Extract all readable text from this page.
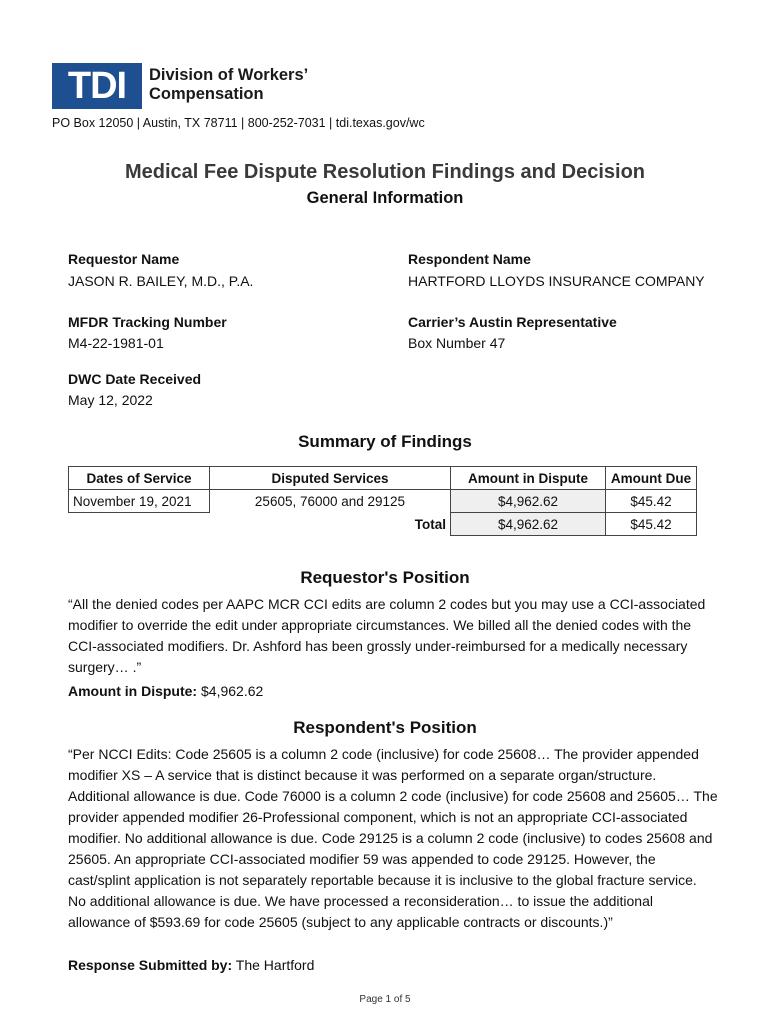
TDI	Division of Workers’
Compensation
PO Box 12050 | Austin, TX 78711 | 800-252-7031 | tdi.texas.gov/wc
Medical Fee Dispute Resolution Findings and Decision
General Information
Requestor Name
JASON R. BAILEY, M.D., P.A.
Respondent Name
HARTFORD LLOYDS INSURANCE COMPANY
MFDR Tracking Number
M4-22-1981-01
Carrier’s Austin Representative
Box Number 47
DWC Date Received
May 12, 2022
Summary of Findings
Dates of Service	Disputed Services	Amount in Dispute	Amount Due
November 19, 2021	25605, 76000 and 29125	$4,962.62	$45.42
	Total	$4,962.62	$45.42
Requestor's Position
“All the denied codes per AAPC MCR CCI edits are column 2 codes but you may use a CCI-associated modifier to override the edit under appropriate circumstances. We billed all the denied codes with the CCI-associated modifiers. Dr. Ashford has been grossly under-reimbursed for a medically necessary surgery… .”
Amount in Dispute: $4,962.62
Respondent's Position
“Per NCCI Edits: Code 25605 is a column 2 code (inclusive) for code 25608… The provider appended modifier XS – A service that is distinct because it was performed on a separate organ/structure. Additional allowance is due. Code 76000 is a column 2 code (inclusive) for code 25608 and 25605… The provider appended modifier 26-Professional component, which is not an appropriate CCI-associated modifier. No additional allowance is due. Code 29125 is a column 2 code (inclusive) to codes 25608 and 25605. An appropriate CCI-associated modifier 59 was appended to code 29125. However, the cast/splint application is not separately reportable because it is inclusive to the global fracture service. No additional allowance is due. We have processed a reconsideration… to issue the additional allowance of $593.69 for code 25605 (subject to any applicable contracts or discounts.)”
Response Submitted by: The Hartford
Page 1 of 5
